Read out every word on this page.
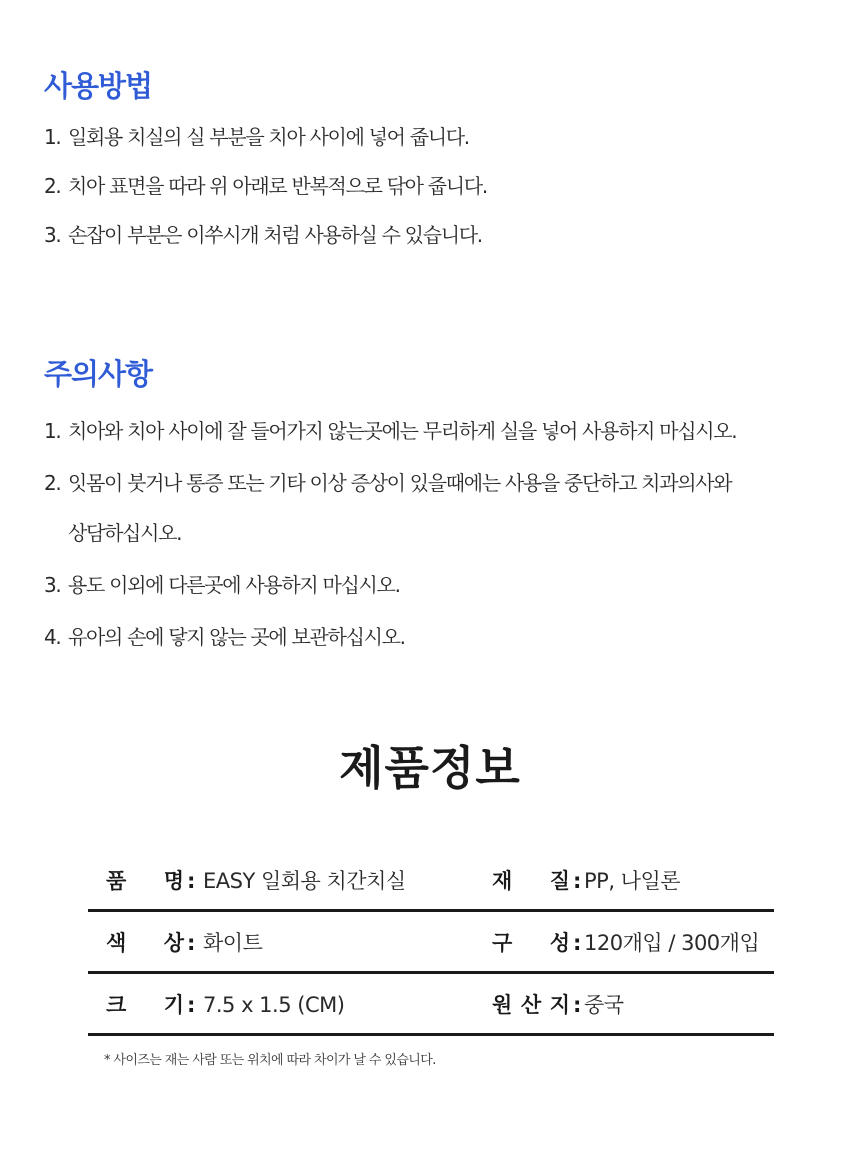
사용방법
1. 일회용 치실의 실 부분을 치아 사이에 넣어 줍니다.
2. 치아 표면을 따라 위 아래로 반복적으로 닦아 줍니다.
3. 손잡이 부분은 이쑤시개 처럼 사용하실 수 있습니다.
주의사항
1. 치아와 치아 사이에 잘 들어가지 않는곳에는 무리하게 실을 넣어 사용하지 마십시오.
2. 잇몸이 붓거나 통증 또는 기타 이상 증상이 있을때에는 사용을 중단하고 치과의사와
상담하십시오.
3. 용도 이외에 다른곳에 사용하지 마십시오.
4. 유아의 손에 닿지 않는 곳에 보관하십시오.
제품정보
품 명 : EASY 일회용 치간치실	재 질 : PP, 나일론
색 상 : 화이트	구 성 : 120개입 / 300개입
크 기 : 7.5 x 1.5 (CM)	원 산 지 : 중국
* 사이즈는 재는 사람 또는 위치에 따라 차이가 날 수 있습니다.
